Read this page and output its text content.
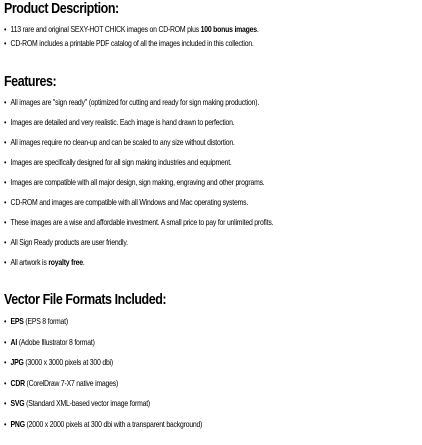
Product Description:
• 113 rare and original SEXY-HOT CHICK images on CD-ROM plus 100 bonus images.
• CD-ROM includes a printable PDF catalog of all the images included in this collection.
Features:
• All images are "sign ready" (optimized for cutting and ready for sign making production).
• Images are detailed and very realistic. Each image is hand drawn to perfection.
• All images require no clean-up and can be scaled to any size without distortion.
• Images are specifically designed for all sign making industries and equipment.
• Images are compatible with all major design, sign making, engraving and other programs.
• CD-ROM and images are compatible with all Windows and Mac operating systems.
• These images are a wise and affordable investment. A small price to pay for unlimited profits.
• All Sign Ready products are user friendly.
• All artwork is royalty free.
Vector File Formats Included:
• EPS (EPS 8 format)
• AI (Adobe Illustrator 8 format)
• JPG (3000 x 3000 pixels at 300 dbi)
• CDR (CorelDraw 7-X7 native images)
• SVG (Standard XML-based vector image format)
• PNG (2000 x 2000 pixels at 300 dbi with a transparent background)
